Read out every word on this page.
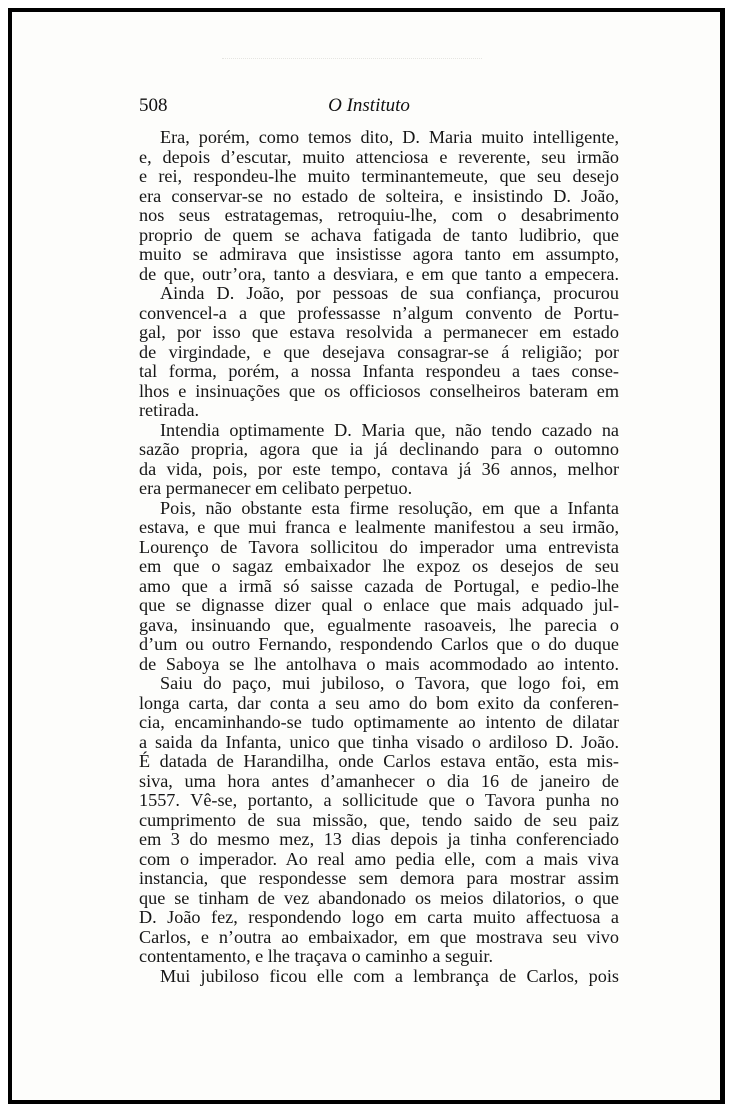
O Instituto
508
Era, porém, como temos dito, D. Maria muito intelligente,
e, depois d’escutar, muito attenciosa e reverente, seu irmão
e rei, respondeu-lhe muito terminantemeute, que seu desejo
era conservar-se no estado de solteira, e insistindo D. João,
nos seus estratagemas, retroquiu-lhe, com o desabrimento
proprio de quem se achava fatigada de tanto ludibrio, que
muito se admirava que insistisse agora tanto em assumpto,
de que, outr’ora, tanto a desviara, e em que tanto a empecera.
Ainda D. João, por pessoas de sua confiança, procurou
convencel-a a que professasse n’algum convento de Portu-
gal, por isso que estava resolvida a permanecer em estado
de virgindade, e que desejava consagrar-se á religião; por
tal forma, porém, a nossa Infanta respondeu a taes conse-
lhos e insinuações que os officiosos conselheiros bateram em
retirada.
Intendia optimamente D. Maria que, não tendo cazado na
sazão propria, agora que ia já declinando para o outomno
da vida, pois, por este tempo, contava já 36 annos, melhor
era permanecer em celibato perpetuo.
Pois, não obstante esta firme resolução, em que a Infanta
estava, e que mui franca e lealmente manifestou a seu irmão,
Lourenço de Tavora sollicitou do imperador uma entrevista
em que o sagaz embaixador lhe expoz os desejos de seu
amo que a irmã só saisse cazada de Portugal, e pedio-lhe
que se dignasse dizer qual o enlace que mais adquado jul-
gava, insinuando que, egualmente rasoaveis, lhe parecia o
d’um ou outro Fernando, respondendo Carlos que o do duque
de Saboya se lhe antolhava o mais acommodado ao intento.
Saiu do paço, mui jubiloso, o Tavora, que logo foi, em
longa carta, dar conta a seu amo do bom exito da conferen-
cia, encaminhando-se tudo optimamente ao intento de dilatar
a saida da Infanta, unico que tinha visado o ardiloso D. João.
É datada de Harandilha, onde Carlos estava então, esta mis-
siva, uma hora antes d’amanhecer o dia 16 de janeiro de
1557. Vê-se, portanto, a sollicitude que o Tavora punha no
cumprimento de sua missão, que, tendo saido de seu paiz
em 3 do mesmo mez, 13 dias depois ja tinha conferenciado
com o imperador. Ao real amo pedia elle, com a mais viva
instancia, que respondesse sem demora para mostrar assim
que se tinham de vez abandonado os meios dilatorios, o que
D. João fez, respondendo logo em carta muito affectuosa a
Carlos, e n’outra ao embaixador, em que mostrava seu vivo
contentamento, e lhe traçava o caminho a seguir.
Mui jubiloso ficou elle com a lembrança de Carlos, pois
